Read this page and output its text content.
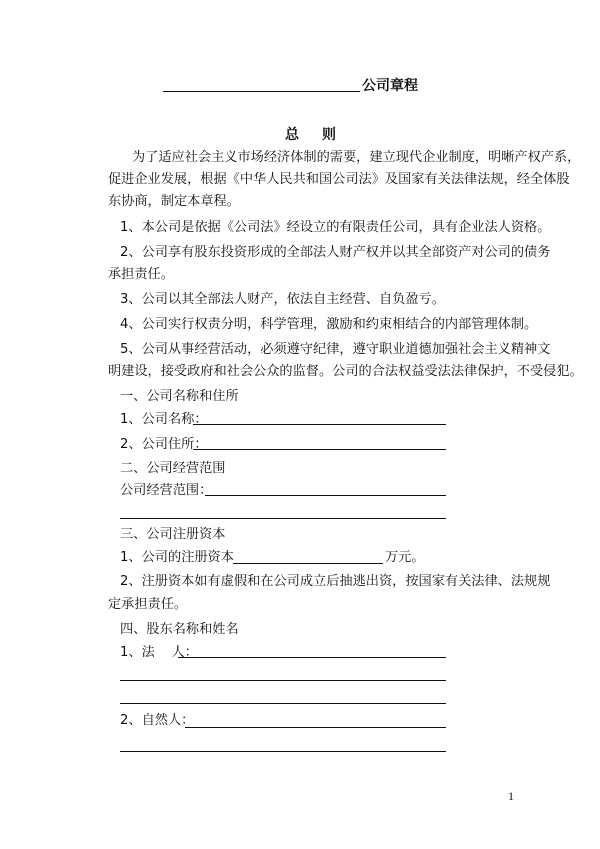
公司章程
总 则
为了适应社会主义市场经济体制的需要，建立现代企业制度，明晰产权产系，
促进企业发展，根据《中华人民共和国公司法》及国家有关法律法规，经全体股
东协商，制定本章程。
1、本公司是依据《公司法》经设立的有限责任公司，具有企业法人资格。
2、公司享有股东投资形成的全部法人财产权并以其全部资产对公司的债务
承担责任。
3、公司以其全部法人财产，依法自主经营、自负盈亏。
4、公司实行权责分明，科学管理，激励和约束相结合的内部管理体制。
5、公司从事经营活动，必须遵守纪律，遵守职业道德加强社会主义精神文
明建设，接受政府和社会公众的监督。公司的合法权益受法法律保护，不受侵犯。
一、公司名称和住所
1、公司名称：
2、公司住所：
二、公司经营范围
公司经营范围：
三、公司注册资本
1、公司的注册资本	万元。
2、注册资本如有虚假和在公司成立后抽逃出资，按国家有关法律、法规规
定承担责任。
四、股东名称和姓名
1、法    人：
2、自然人：
1
